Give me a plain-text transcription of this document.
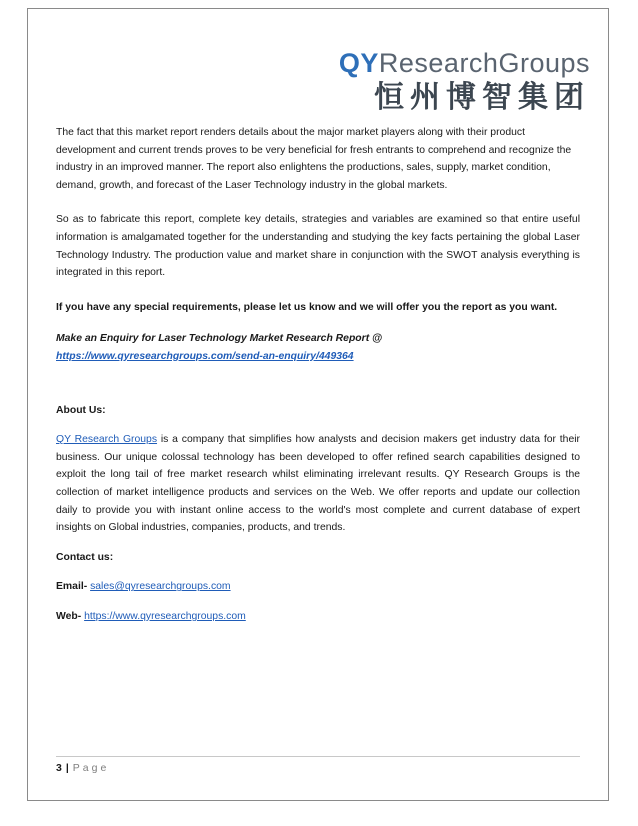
QYResearchGroups
恒州博智集团

The fact that this market report renders details about the major market players along with their product development and current trends proves to be very beneficial for fresh entrants to comprehend and recognize the industry in an improved manner. The report also enlightens the productions, sales, supply, market condition, demand, growth, and forecast of the Laser Technology industry in the global markets.

So as to fabricate this report, complete key details, strategies and variables are examined so that entire useful information is amalgamated together for the understanding and studying the key facts pertaining the global Laser Technology Industry. The production value and market share in conjunction with the SWOT analysis everything is integrated in this report.

If you have any special requirements, please let us know and we will offer you the report as you want.

Make an Enquiry for Laser Technology Market Research Report @ https://www.qyresearchgroups.com/send-an-enquiry/449364

About Us:

QY Research Groups is a company that simplifies how analysts and decision makers get industry data for their business. Our unique colossal technology has been developed to offer refined search capabilities designed to exploit the long tail of free market research whilst eliminating irrelevant results. QY Research Groups is the collection of market intelligence products and services on the Web. We offer reports and update our collection daily to provide you with instant online access to the world's most complete and current database of expert insights on Global industries, companies, products, and trends.

Contact us:

Email- sales@qyresearchgroups.com

Web- https://www.qyresearchgroups.com

3 | Page
